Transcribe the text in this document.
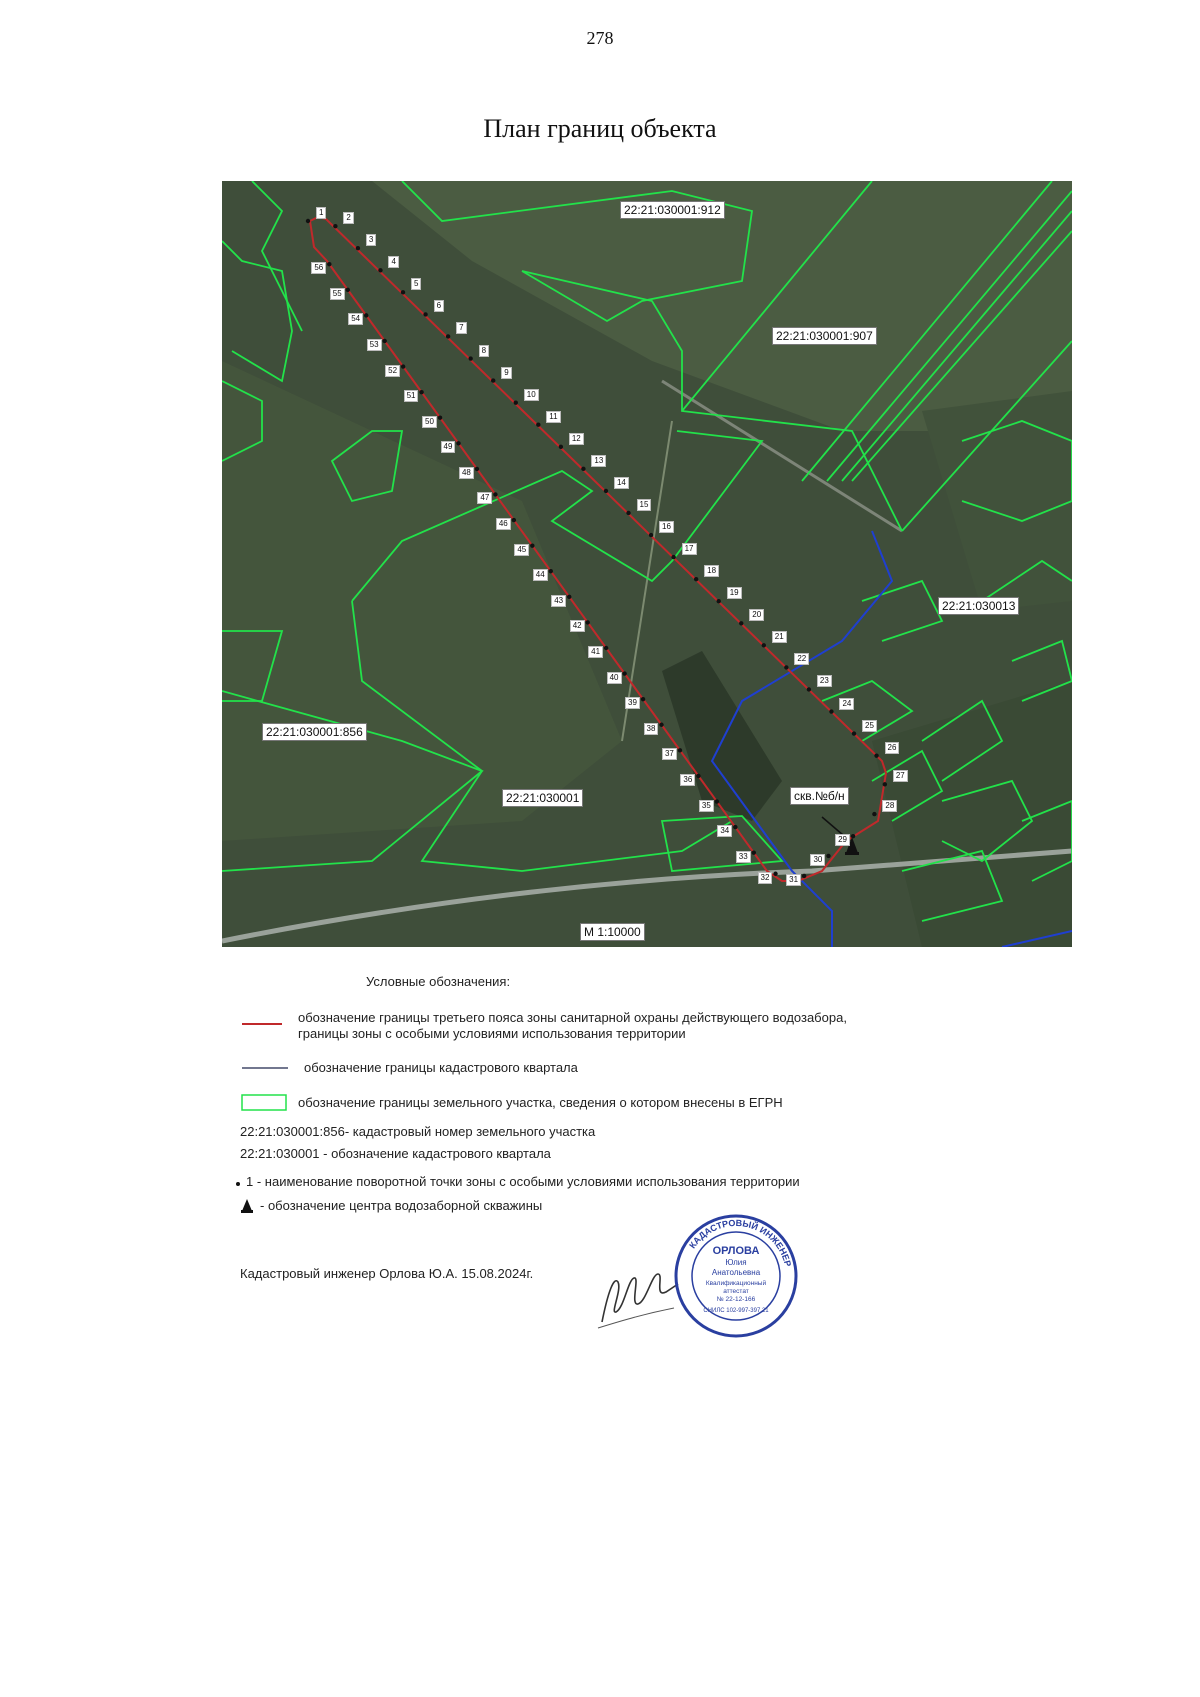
278
План границ объекта
22:21:030001:912
22:21:030001:907
22:21:030013
22:21:030001:856
22:21:030001	скв.№б/н
М 1:10000
1
2
3
4
5
6
7
8
9
10
11
12
13
14
15
16
17
18
19
20
21
22
23
24
25
26
27
28
29
30
31
32
33
34
35
36
37
38
39
40
41
42
43
44
45
46
47
48
49
50
51
52
53
54
55
56
Условные обозначения:
обозначение границы третьего пояса зоны санитарной охраны действующего водозабора,
границы зоны с особыми условиями использования территории
обозначение границы кадастрового квартала
обозначение границы земельного участка, сведения о котором внесены в ЕГРН
22:21:030001:856- кадастровый номер земельного участка
22:21:030001 - обозначение кадастрового квартала
1 - наименование поворотной точки зоны с особыми условиями использования территории
- обозначение центра водозаборной скважины
Кадастровый инженер Орлова Ю.А. 15.08.2024г.
КАДАСТРОВЫЙ ИНЖЕНЕР
ОРЛОВА
Юлия
Анатольевна
Квалификационный
аттестат
№ 22-12-166
СНИЛС 102-997-397 21
